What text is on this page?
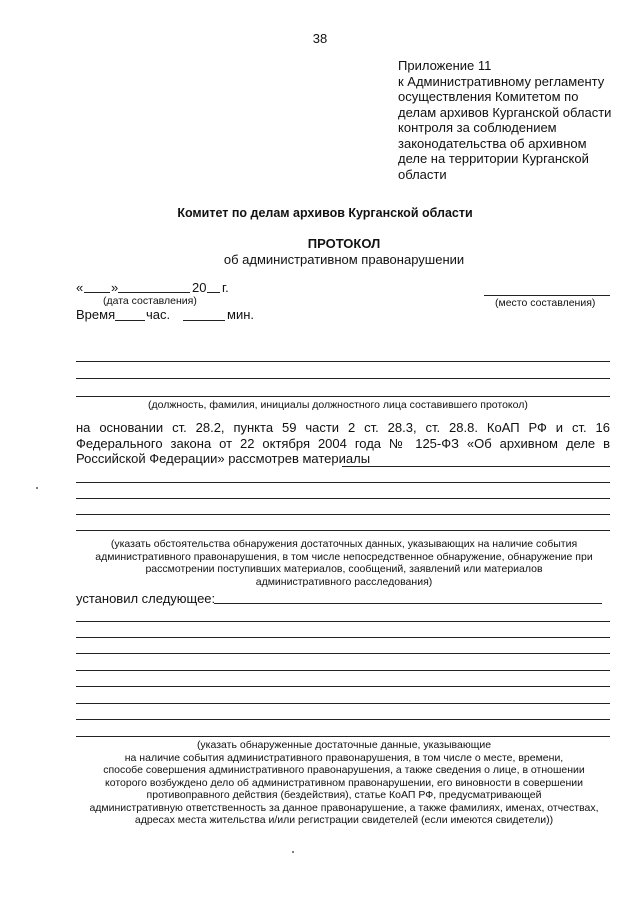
38
Приложение 11
к Административному регламенту
осуществления Комитетом по
делам архивов Курганской области
контроля за соблюдением
законодательства об архивном
деле на территории Курганской
области
Комитет по делам архивов Курганской области
ПРОТОКОЛ
об административном правонарушении
« »	20 г.
(дата составления)	(место составления)
Время час.	мин.
(должность, фамилия, инициалы должностного лица составившего протокол)
на основании ст. 28.2, пункта 59 части 2 ст. 28.3, ст. 28.8. КоАП РФ и ст. 16 Федерального закона от 22 октября 2004 года № 125-ФЗ «Об архивном деле в Российской Федерации» рассмотрев материалы
(указать обстоятельства обнаружения достаточных данных, указывающих на наличие события
административного правонарушения, в том числе непосредственное обнаружение, обнаружение при
рассмотрении поступивших материалов, сообщений, заявлений или материалов
административного расследования)
установил следующее:
(указать обнаруженные достаточные данные, указывающие
на наличие события административного правонарушения, в том числе о месте, времени,
способе совершения административного правонарушения, а также сведения о лице, в отношении
которого возбуждено дело об административном правонарушении, его виновности в совершении
противоправного действия (бездействия), статье КоАП РФ, предусматривающей
административную ответственность за данное правонарушение, а также фамилиях, именах, отчествах,
адресах места жительства и/или регистрации свидетелей (если имеются свидетели))
